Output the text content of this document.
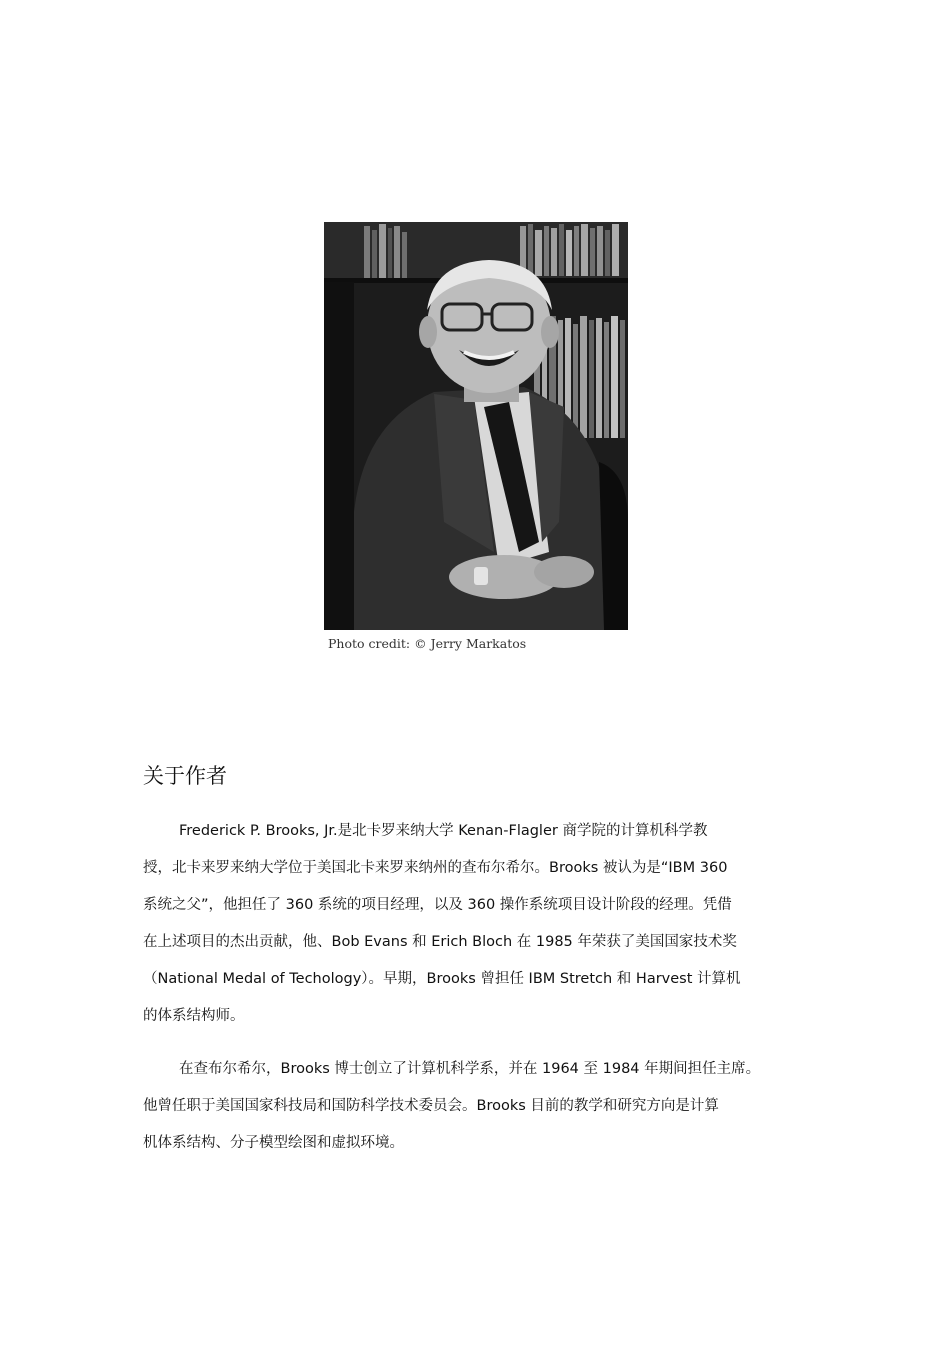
Photo credit: © Jerry Markatos
关于作者

Frederick P. Brooks, Jr.是北卡罗来纳大学 Kenan-Flagler 商学院的计算机科学教
授，北卡来罗来纳大学位于美国北卡来罗来纳州的查布尔希尔。Brooks 被认为是“IBM 360
系统之父”，他担任了 360 系统的项目经理，以及 360 操作系统项目设计阶段的经理。凭借
在上述项目的杰出贡献，他、Bob Evans 和 Erich Bloch 在 1985 年荣获了美国国家技术奖
（National Medal of Techology）。早期，Brooks 曾担任 IBM Stretch 和 Harvest 计算机
的体系结构师。

在查布尔希尔，Brooks 博士创立了计算机科学系，并在 1964 至 1984 年期间担任主席。
他曾任职于美国国家科技局和国防科学技术委员会。Brooks 目前的教学和研究方向是计算
机体系结构、分子模型绘图和虚拟环境。
